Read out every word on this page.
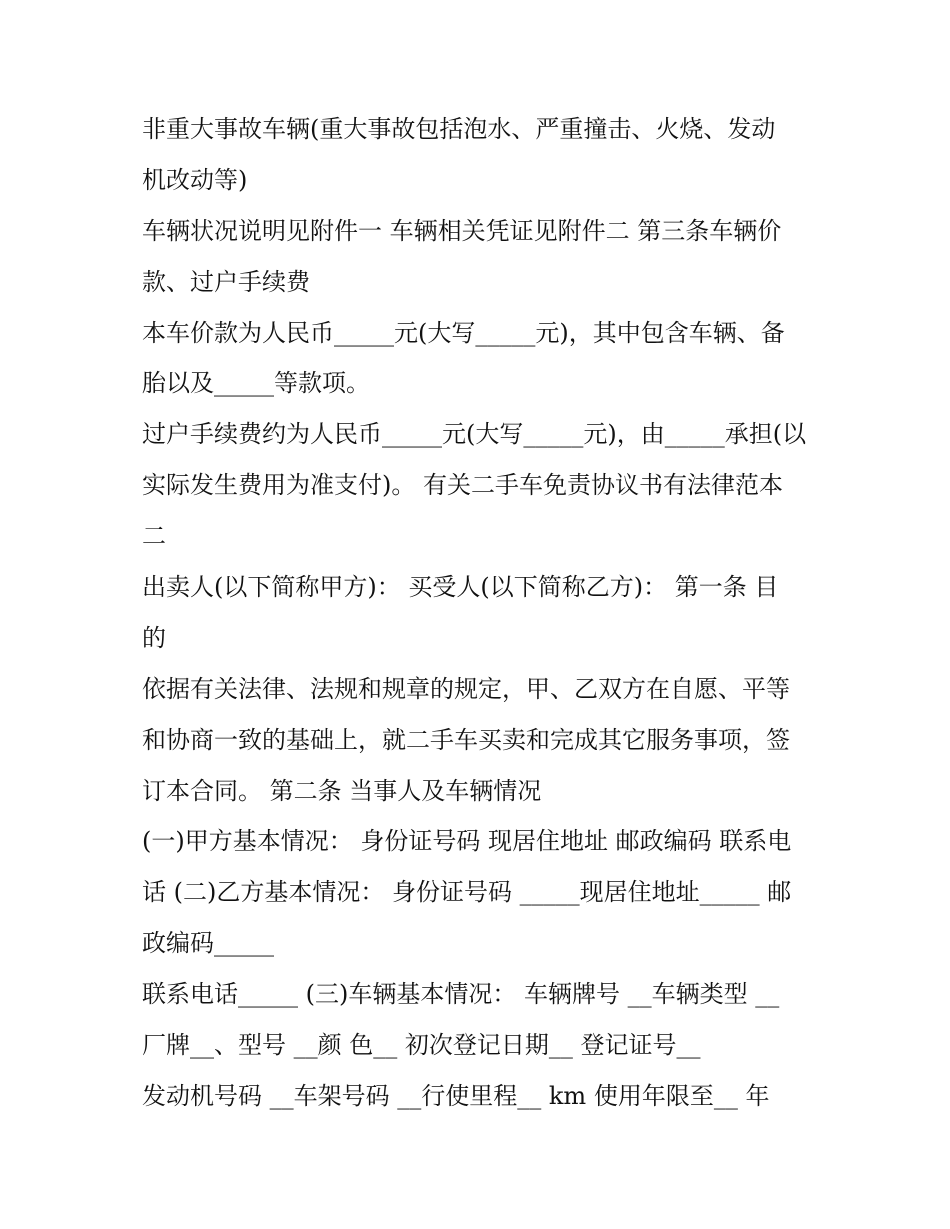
非重大事故车辆(重大事故包括泡水、严重撞击、火烧、发动
机改动等)
车辆状况说明见附件一 车辆相关凭证见附件二 第三条车辆价
款、过户手续费
本车价款为人民币_____元(大写_____元)，其中包含车辆、备
胎以及_____等款项。
过户手续费约为人民币_____元(大写_____元)，由_____承担(以
实际发生费用为准支付)。 有关二手车免责协议书有法律范本
二
出卖人(以下简称甲方)： 买受人(以下简称乙方)： 第一条 目
的
依据有关法律、法规和规章的规定，甲、乙双方在自愿、平等
和协商一致的基础上，就二手车买卖和完成其它服务事项，签
订本合同。 第二条 当事人及车辆情况
(一)甲方基本情况： 身份证号码 现居住地址 邮政编码 联系电
话 (二)乙方基本情况： 身份证号码 _____现居住地址_____ 邮
政编码_____
联系电话_____ (三)车辆基本情况： 车辆牌号 __车辆类型 __
厂牌__、型号 __颜 色__ 初次登记日期__ 登记证号__
发动机号码 __车架号码 __行使里程__ km 使用年限至__ 年
